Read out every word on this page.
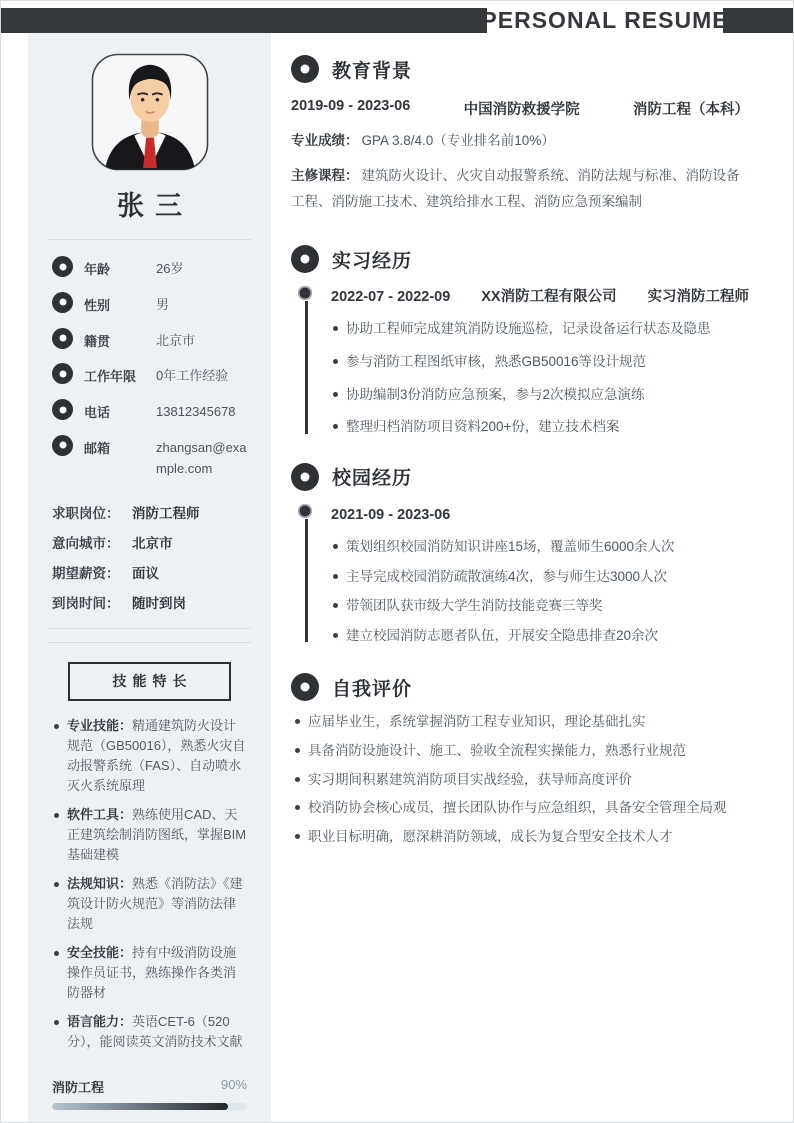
PERSONAL RESUME
张三
年龄	26岁
性别	男
籍贯	北京市
工作年限	0年工作经验
电话	13812345678
邮箱	zhangsan@example.com
求职岗位： 消防工程师
意向城市： 北京市
期望薪资： 面议
到岗时间： 随时到岗
技能特长
专业技能：精通建筑防火设计规范（GB50016），熟悉火灾自动报警系统（FAS）、自动喷水灭火系统原理
软件工具：熟练使用CAD、天正建筑绘制消防图纸，掌握BIM基础建模
法规知识：熟悉《消防法》《建筑设计防火规范》等消防法律法规
安全技能：持有中级消防设施操作员证书，熟练操作各类消防器材
语言能力：英语CET-6（520分），能阅读英文消防技术文献
消防工程	90%
教育背景
2019-09 - 2023-06	中国消防救援学院	消防工程（本科）

专业成绩： GPA 3.8/4.0（专业排名前10%）

主修课程： 建筑防火设计、火灾自动报警系统、消防法规与标准、消防设备工程、消防施工技术、建筑给排水工程、消防应急预案编制

实习经历
2022-07 - 2022-09 XX消防工程有限公司 实习消防工程师
协助工程师完成建筑消防设施巡检，记录设备运行状态及隐患
参与消防工程图纸审核，熟悉GB50016等设计规范
协助编制3份消防应急预案，参与2次模拟应急演练
整理归档消防项目资料200+份，建立技术档案
校园经历
2021-09 - 2023-06
策划组织校园消防知识讲座15场，覆盖师生6000余人次
主导完成校园消防疏散演练4次，参与师生达3000人次
带领团队获市级大学生消防技能竞赛三等奖
建立校园消防志愿者队伍，开展安全隐患排查20余次
自我评价
应届毕业生，系统掌握消防工程专业知识，理论基础扎实
具备消防设施设计、施工、验收全流程实操能力，熟悉行业规范
实习期间积累建筑消防项目实战经验，获导师高度评价
校消防协会核心成员，擅长团队协作与应急组织，具备安全管理全局观
职业目标明确，愿深耕消防领域，成长为复合型安全技术人才
